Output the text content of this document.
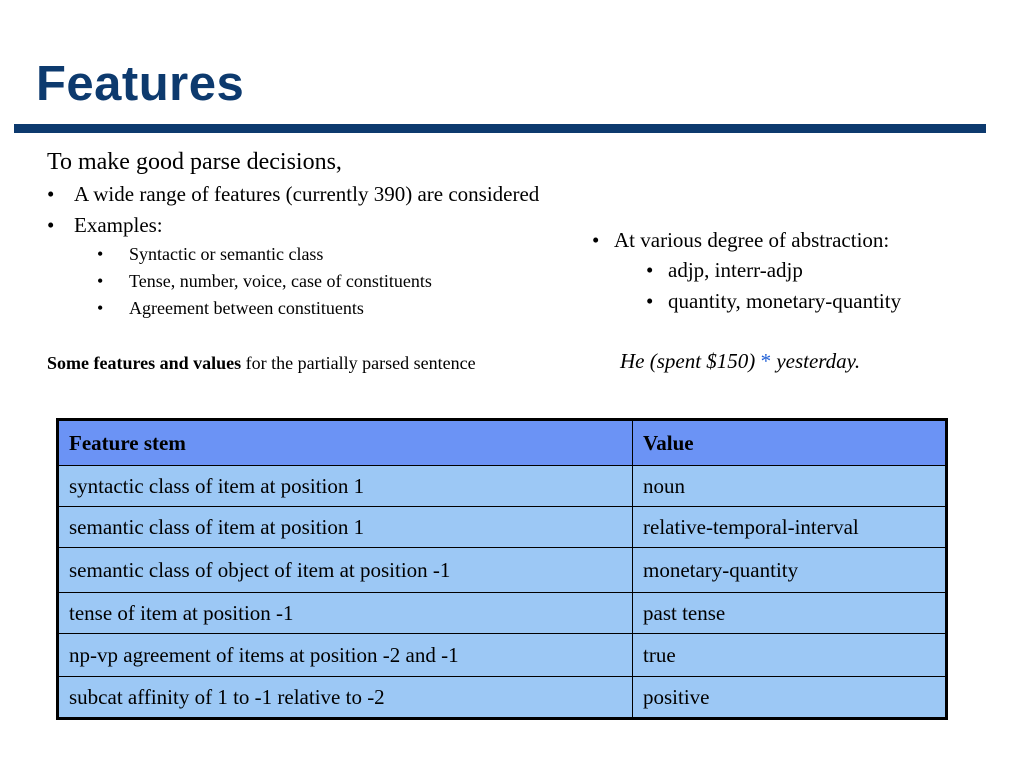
Features
To make good parse decisions,
• A wide range of features (currently 390) are considered
• Examples:
• Syntactic or semantic class
• Tense, number, voice, case of constituents
• Agreement between constituents
• At various degree of abstraction:
• adjp, interr-adjp
• quantity, monetary-quantity
Some features and values for the partially parsed sentence	He (spent $150) * yesterday.
Feature stem	Value
syntactic class of item at position 1	noun
semantic class of item at position 1	relative-temporal-interval
semantic class of object of item at position -1	monetary-quantity
tense of item at position -1	past tense
np-vp agreement of items at position -2 and -1	true
subcat affinity of 1 to -1 relative to -2	positive
